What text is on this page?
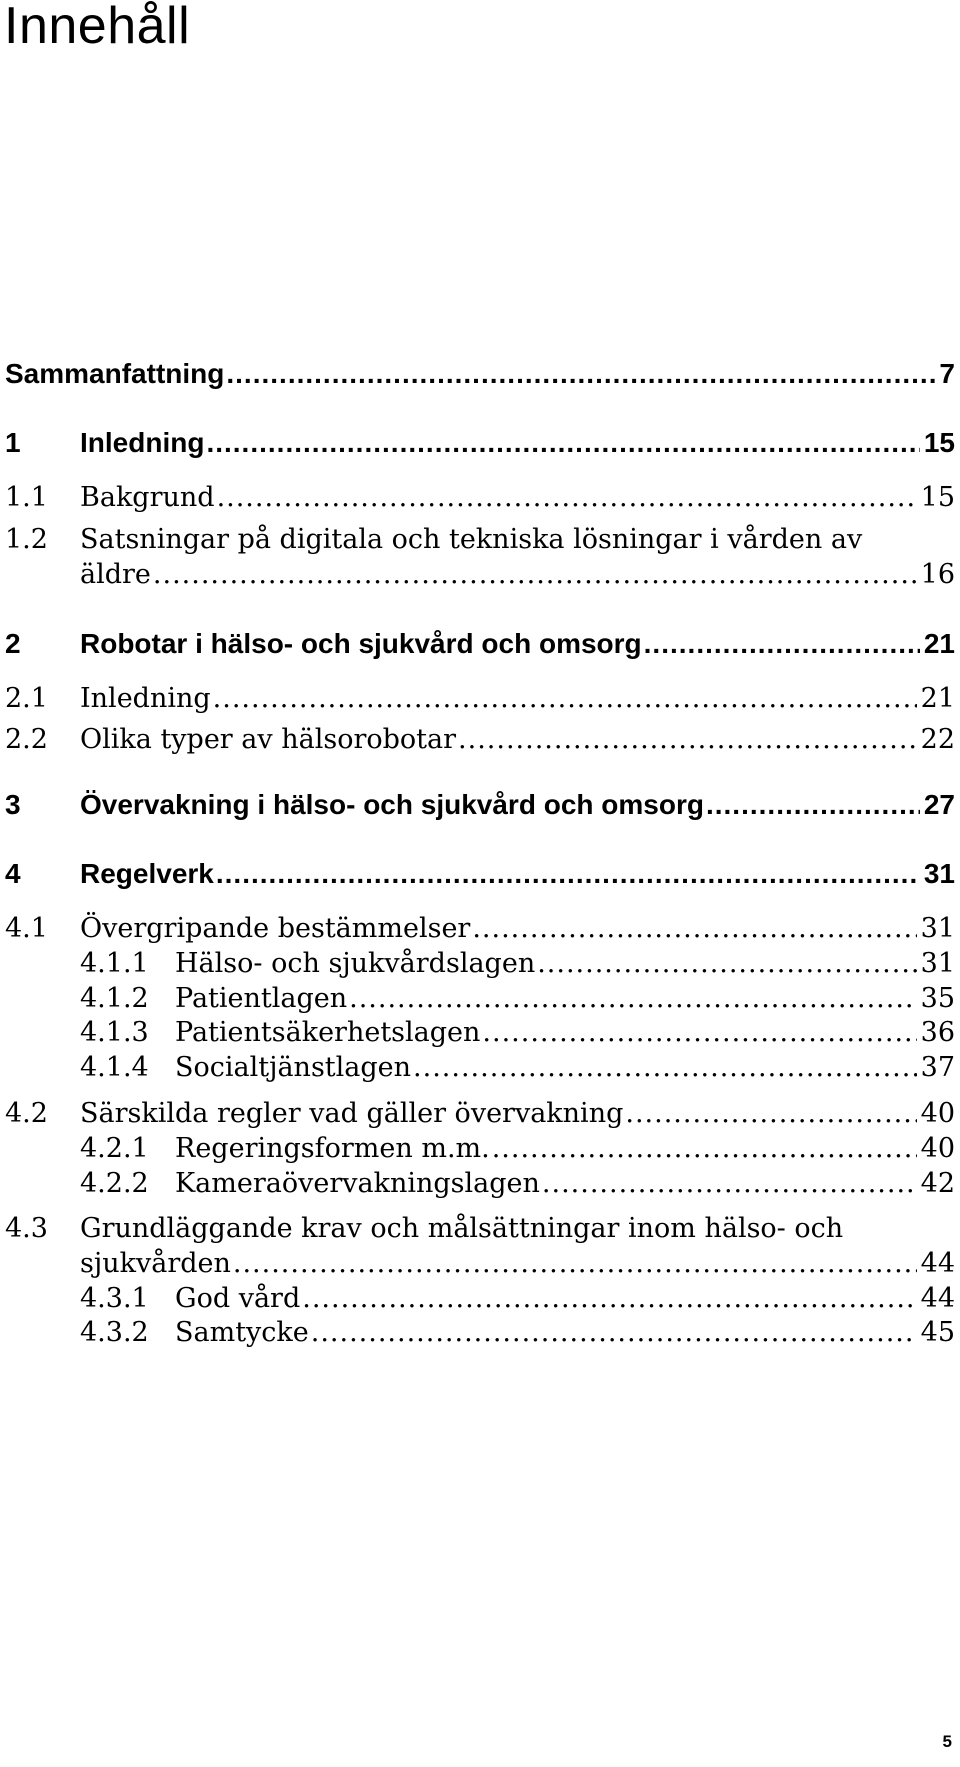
Innehåll
Sammanfattning .....	7
1	Inledning .....	15
1.1	Bakgrund .....	15
1.2	Satsningar på digitala och tekniska lösningar i vården av
äldre .....	16
2	Robotar i hälso- och sjukvård och omsorg .....	21
2.1	Inledning .....	21
2.2	Olika typer av hälsorobotar .....	22
3	Övervakning i hälso- och sjukvård och omsorg .....	27
4	Regelverk .....	31
4.1	Övergripande bestämmelser .....	31
4.1.1 Hälso- och sjukvårdslagen .....	31
4.1.2 Patientlagen .....	35
4.1.3 Patientsäkerhetslagen .....	36
4.1.4 Socialtjänstlagen .....	37
4.2	Särskilda regler vad gäller övervakning .....	40
4.2.1 Regeringsformen m.m. .....	40
4.2.2 Kameraövervakningslagen .....	42
4.3	Grundläggande krav och målsättningar inom hälso- och
sjukvården .....	44
4.3.1 God vård .....	44
4.3.2 Samtycke .....	45
5
